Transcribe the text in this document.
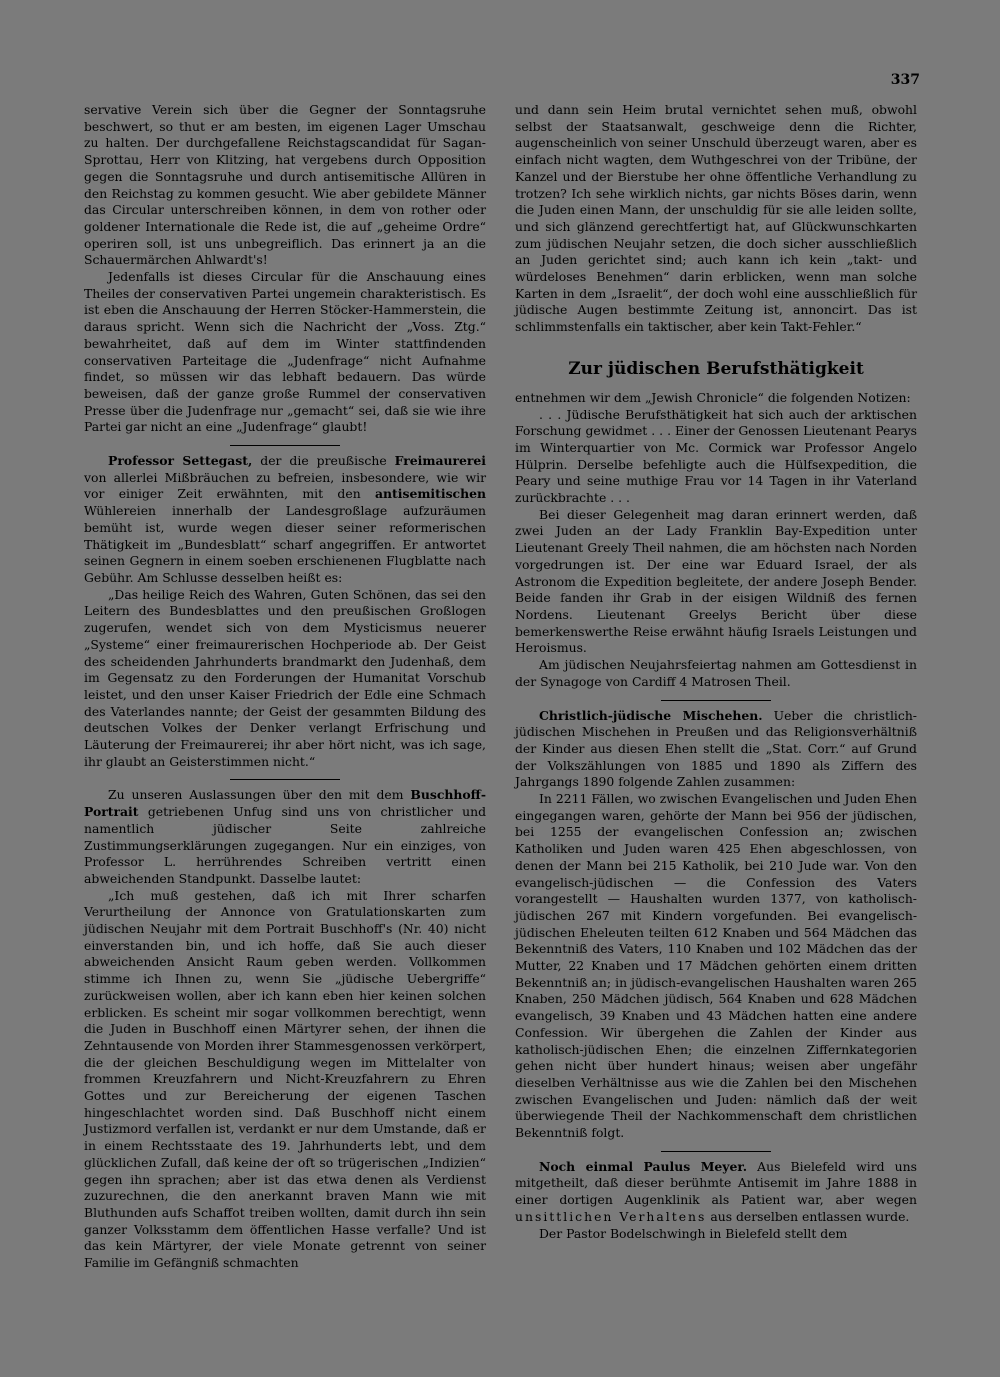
337

servative Verein sich über die Gegner der Sonntagsruhe beschwert, so thut er am besten, im eigenen Lager Umschau zu halten. Der durchgefallene Reichstagscandidat für Sagan-Sprottau, Herr von Klitzing, hat vergebens durch Opposition gegen die Sonntagsruhe und durch antisemitische Allüren in den Reichstag zu kommen gesucht. Wie aber gebildete Männer das Circular unterschreiben können, in dem von rother oder goldener Internationale die Rede ist, die auf „geheime Ordre“ operiren soll, ist uns unbegreiflich. Das erinnert ja an die Schauermärchen Ahlwardt's!

Jedenfalls ist dieses Circular für die Anschauung eines Theiles der conservativen Partei ungemein charakteristisch. Es ist eben die Anschauung der Herren Stöcker-Hammerstein, die daraus spricht. Wenn sich die Nachricht der „Voss. Ztg.“ bewahrheitet, daß auf dem im Winter stattfindenden conservativen Parteitage die „Judenfrage“ nicht Aufnahme findet, so müssen wir das lebhaft bedauern. Das würde beweisen, daß der ganze große Rummel der conservativen Presse über die Judenfrage nur „gemacht“ sei, daß sie wie ihre Partei gar nicht an eine „Judenfrage“ glaubt!

Professor Settegast, der die preußische Freimaurerei von allerlei Mißbräuchen zu befreien, insbesondere, wie wir vor einiger Zeit erwähnten, mit den antisemitischen Wühlereien innerhalb der Landesgroßlage aufzuräumen bemüht ist, wurde wegen dieser seiner reformerischen Thätigkeit im „Bundesblatt“ scharf angegriffen. Er antwortet seinen Gegnern in einem soeben erschienenen Flugblatte nach Gebühr. Am Schlusse desselben heißt es:

„Das heilige Reich des Wahren, Guten Schönen, das sei den Leitern des Bundesblattes und den preußischen Großlogen zugerufen, wendet sich von dem Mysticismus neuerer „Systeme“ einer freimaurerischen Hochperiode ab. Der Geist des scheidenden Jahrhunderts brandmarkt den Judenhaß, dem im Gegensatz zu den Forderungen der Humanitat Vorschub leistet, und den unser Kaiser Friedrich der Edle eine Schmach des Vaterlandes nannte; der Geist der gesammten Bildung des deutschen Volkes der Denker verlangt Erfrischung und Läuterung der Freimaurerei; ihr aber hört nicht, was ich sage, ihr glaubt an Geisterstimmen nicht.“

Zu unseren Auslassungen über den mit dem Buschhoff-Portrait getriebenen Unfug sind uns von christlicher und namentlich jüdischer Seite zahlreiche Zustimmungserklärungen zugegangen. Nur ein einziges, von Professor L. herrührendes Schreiben vertritt einen abweichenden Standpunkt. Dasselbe lautet:

„Ich muß gestehen, daß ich mit Ihrer scharfen Verurtheilung der Annonce von Gratulationskarten zum jüdischen Neujahr mit dem Portrait Buschhoff's (Nr. 40) nicht einverstanden bin, und ich hoffe, daß Sie auch dieser abweichenden Ansicht Raum geben werden. Vollkommen stimme ich Ihnen zu, wenn Sie „jüdische Uebergriffe“ zurückweisen wollen, aber ich kann eben hier keinen solchen erblicken. Es scheint mir sogar vollkommen berechtigt, wenn die Juden in Buschhoff einen Märtyrer sehen, der ihnen die Zehntausende von Morden ihrer Stammesgenossen verkörpert, die der gleichen Beschuldigung wegen im Mittelalter von frommen Kreuzfahrern und Nicht-Kreuzfahrern zu Ehren Gottes und zur Bereicherung der eigenen Taschen hingeschlachtet worden sind. Daß Buschhoff nicht einem Justizmord verfallen ist, verdankt er nur dem Umstande, daß er in einem Rechtsstaate des 19. Jahrhunderts lebt, und dem glücklichen Zufall, daß keine der oft so trügerischen „Indizien“ gegen ihn sprachen; aber ist das etwa denen als Verdienst zuzurechnen, die den anerkannt braven Mann wie mit Bluthunden aufs Schaffot treiben wollten, damit durch ihn sein ganzer Volksstamm dem öffentlichen Hasse verfalle? Und ist das kein Märtyrer, der viele Monate getrennt von seiner Familie im Gefängniß schmachten

und dann sein Heim brutal vernichtet sehen muß, obwohl selbst der Staatsanwalt, geschweige denn die Richter, augenscheinlich von seiner Unschuld überzeugt waren, aber es einfach nicht wagten, dem Wuthgeschrei von der Tribüne, der Kanzel und der Bierstube her ohne öffentliche Verhandlung zu trotzen? Ich sehe wirklich nichts, gar nichts Böses darin, wenn die Juden einen Mann, der unschuldig für sie alle leiden sollte, und sich glänzend gerechtfertigt hat, auf Glückwunschkarten zum jüdischen Neujahr setzen, die doch sicher ausschließlich an Juden gerichtet sind; auch kann ich kein „takt- und würdeloses Benehmen“ darin erblicken, wenn man solche Karten in dem „Israelit“, der doch wohl eine ausschließlich für jüdische Augen bestimmte Zeitung ist, annoncirt. Das ist schlimmstenfalls ein taktischer, aber kein Takt-Fehler.“

Zur jüdischen Berufsthätigkeit

entnehmen wir dem „Jewish Chronicle“ die folgenden Notizen:

. . . Jüdische Berufsthätigkeit hat sich auch der arktischen Forschung gewidmet . . . Einer der Genossen Lieutenant Pearys im Winterquartier von Mc. Cormick war Professor Angelo Hülprin. Derselbe befehligte auch die Hülfsexpedition, die Peary und seine muthige Frau vor 14 Tagen in ihr Vaterland zurückbrachte . . .

Bei dieser Gelegenheit mag daran erinnert werden, daß zwei Juden an der Lady Franklin Bay-Expedition unter Lieutenant Greely Theil nahmen, die am höchsten nach Norden vorgedrungen ist. Der eine war Eduard Israel, der als Astronom die Expedition begleitete, der andere Joseph Bender. Beide fanden ihr Grab in der eisigen Wildniß des fernen Nordens. Lieutenant Greelys Bericht über diese bemerkenswerthe Reise erwähnt häufig Israels Leistungen und Heroismus.

Am jüdischen Neujahrsfeiertag nahmen am Gottesdienst in der Synagoge von Cardiff 4 Matrosen Theil.

Christlich-jüdische Mischehen. Ueber die christlich-jüdischen Mischehen in Preußen und das Religionsverhältniß der Kinder aus diesen Ehen stellt die „Stat. Corr.“ auf Grund der Volkszählungen von 1885 und 1890 als Ziffern des Jahrgangs 1890 folgende Zahlen zusammen:

In 2211 Fällen, wo zwischen Evangelischen und Juden Ehen eingegangen waren, gehörte der Mann bei 956 der jüdischen, bei 1255 der evangelischen Confession an; zwischen Katholiken und Juden waren 425 Ehen abgeschlossen, von denen der Mann bei 215 Katholik, bei 210 Jude war. Von den evangelisch-jüdischen — die Confession des Vaters vorangestellt — Haushalten wurden 1377, von katholisch-jüdischen 267 mit Kindern vorgefunden. Bei evangelisch-jüdischen Eheleuten teilten 612 Knaben und 564 Mädchen das Bekenntniß des Vaters, 110 Knaben und 102 Mädchen das der Mutter, 22 Knaben und 17 Mädchen gehörten einem dritten Bekenntniß an; in jüdisch-evangelischen Haushalten waren 265 Knaben, 250 Mädchen jüdisch, 564 Knaben und 628 Mädchen evangelisch, 39 Knaben und 43 Mädchen hatten eine andere Confession. Wir übergehen die Zahlen der Kinder aus katholisch-jüdischen Ehen; die einzelnen Ziffernkategorien gehen nicht über hundert hinaus; weisen aber ungefähr dieselben Verhältnisse aus wie die Zahlen bei den Mischehen zwischen Evangelischen und Juden: nämlich daß der weit überwiegende Theil der Nachkommenschaft dem christlichen Bekenntniß folgt.

Noch einmal Paulus Meyer. Aus Bielefeld wird uns mitgetheilt, daß dieser berühmte Antisemit im Jahre 1888 in einer dortigen Augenklinik als Patient war, aber wegen unsittlichen Verhaltens aus derselben entlassen wurde.

Der Pastor Bodelschwingh in Bielefeld stellt dem
